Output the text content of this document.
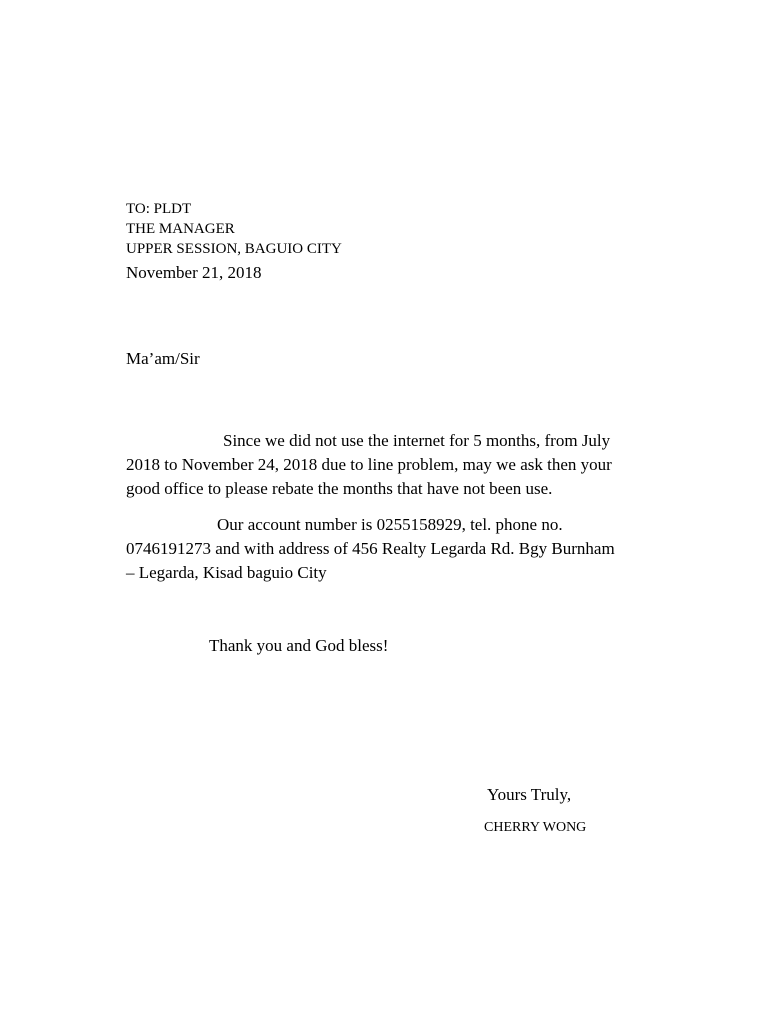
TO: PLDT
THE MANAGER
UPPER SESSION, BAGUIO CITY
November 21, 2018
Ma’am/Sir
Since we did not use the internet for 5 months, from July
2018 to November 24, 2018 due to line problem, may we ask then your
good office to please rebate the months that have not been use.
Our account number is 0255158929, tel. phone no.
0746191273 and with address of 456 Realty Legarda Rd. Bgy Burnham
– Legarda, Kisad baguio City
Thank you and God bless!
Yours Truly,
CHERRY WONG
